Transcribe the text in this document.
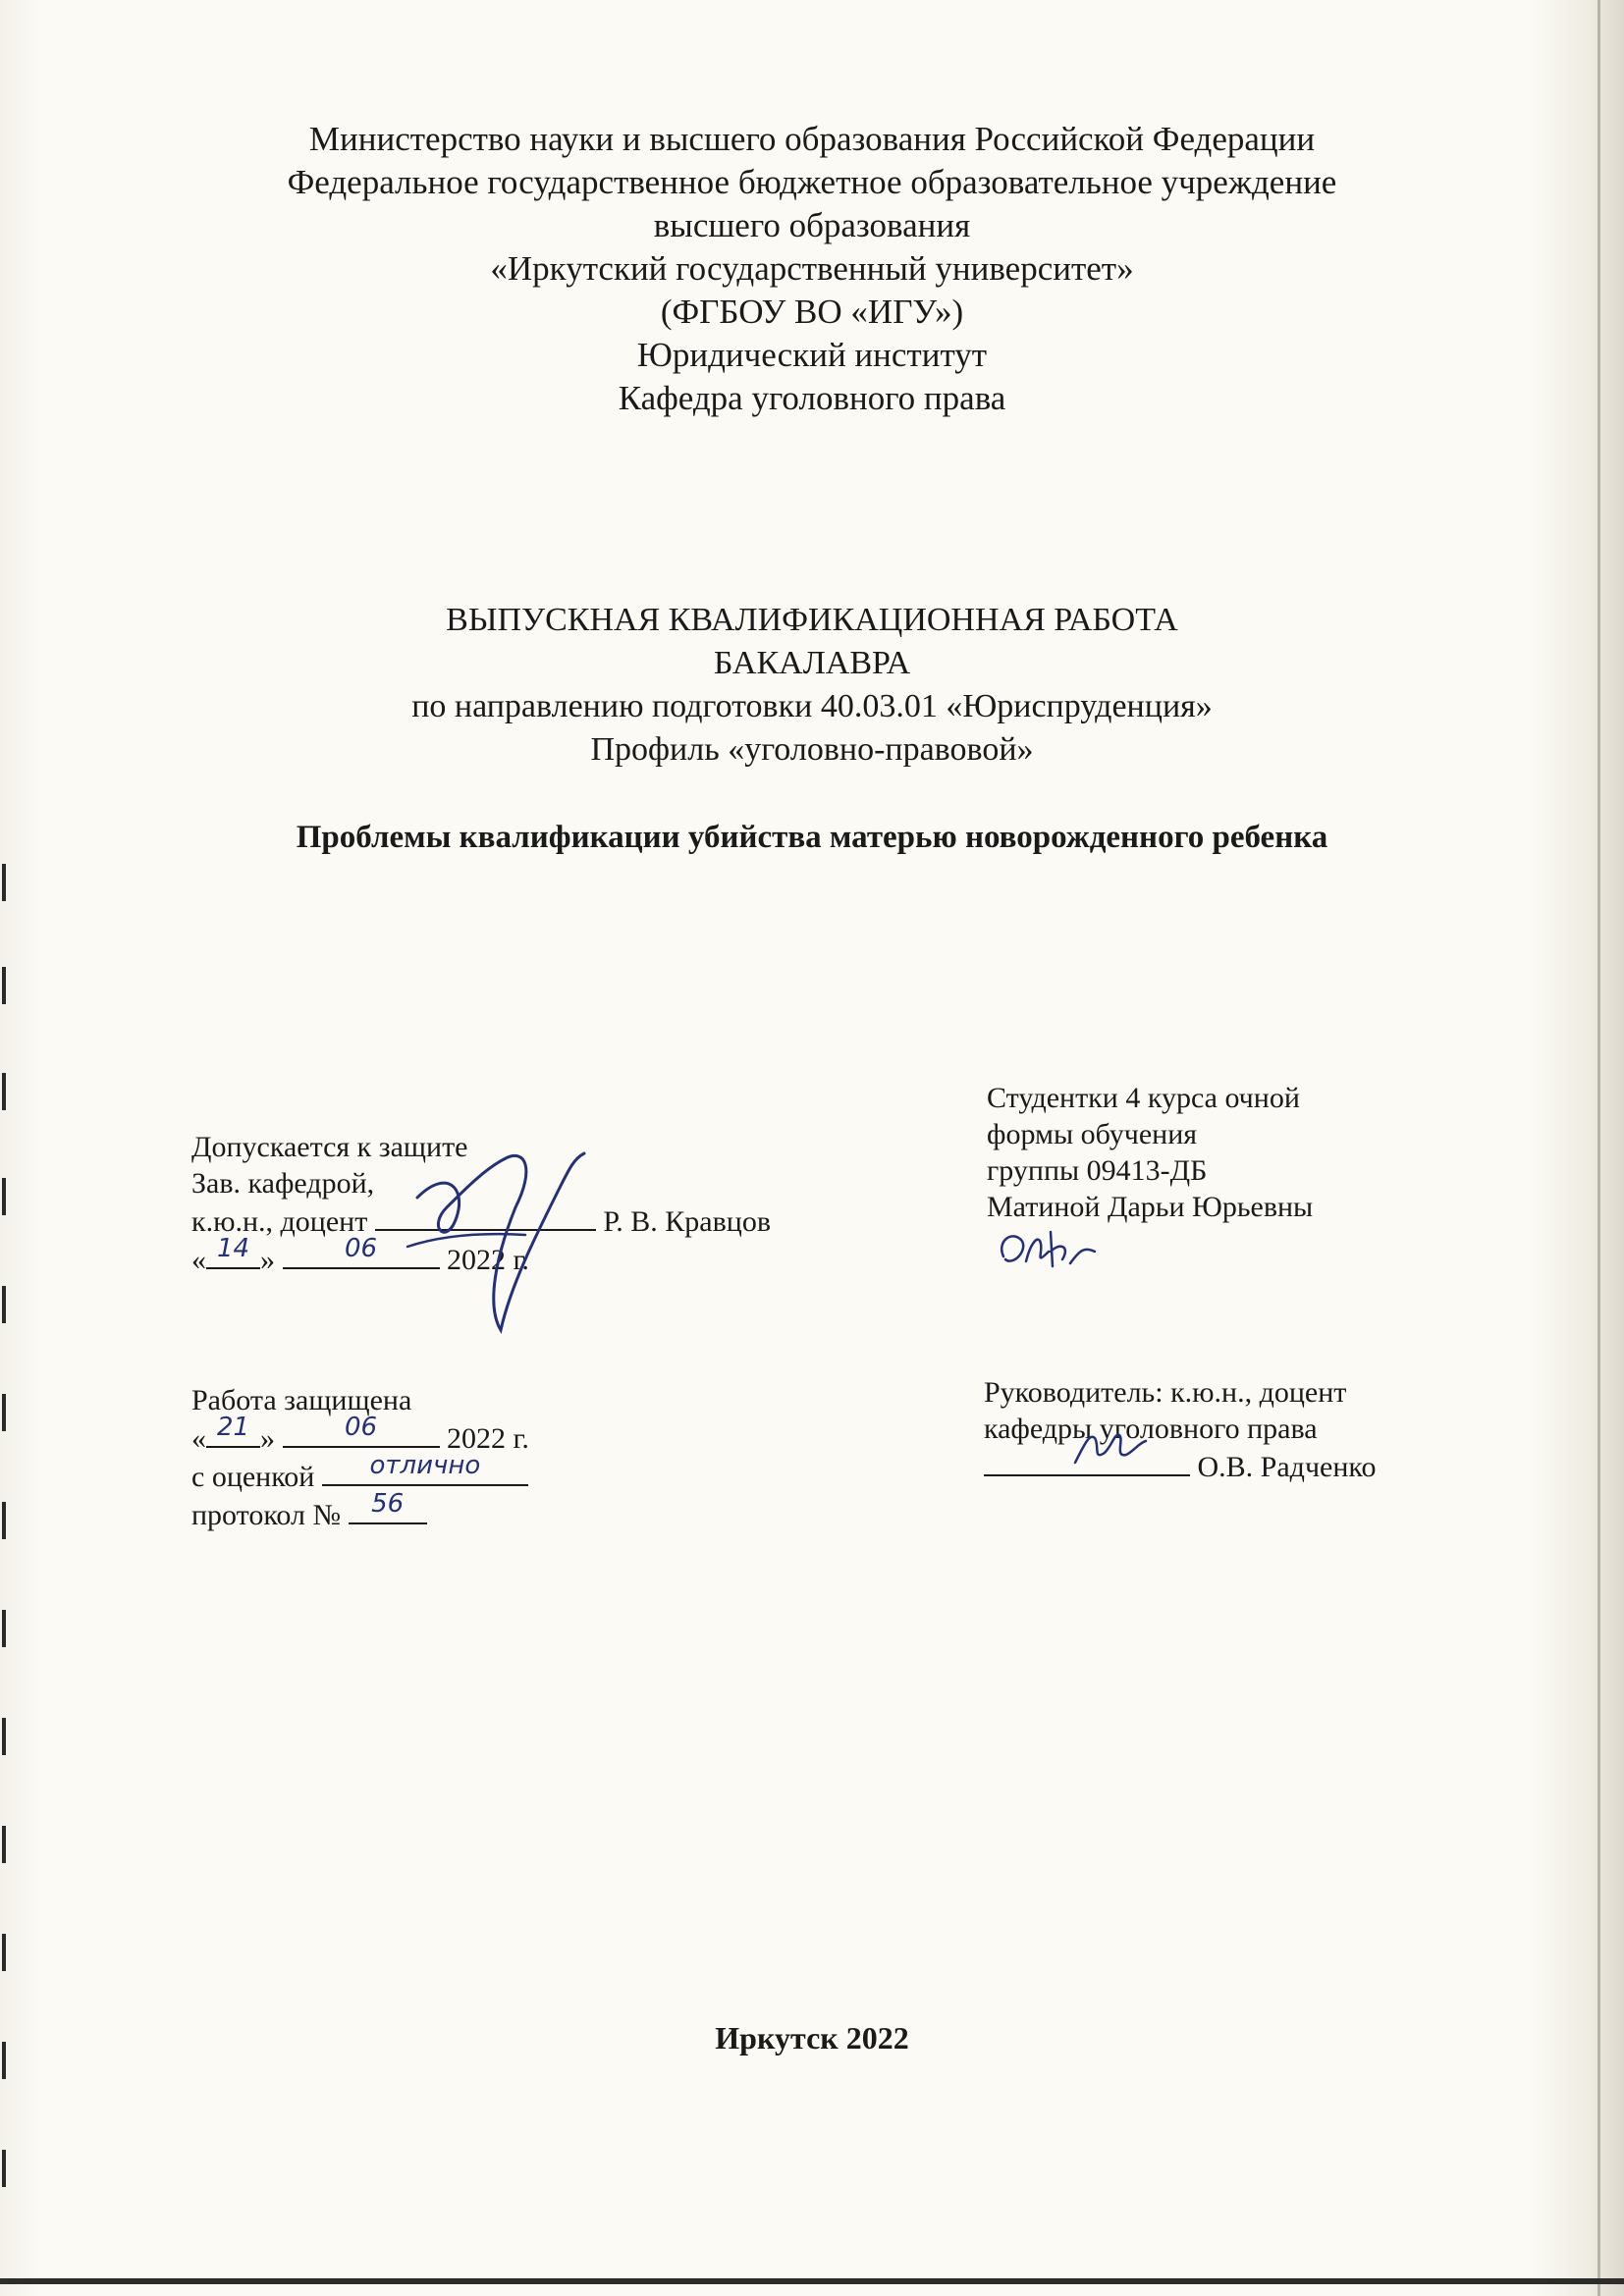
Министерство науки и высшего образования Российской Федерации
Федеральное государственное бюджетное образовательное учреждение
высшего образования
«Иркутский государственный университет»
(ФГБОУ ВО «ИГУ»)
Юридический институт
Кафедра уголовного права
ВЫПУСКНАЯ КВАЛИФИКАЦИОННАЯ РАБОТА
БАКАЛАВРА
по направлению подготовки 40.03.01 «Юриспруденция»
Профиль «уголовно-правовой»
Проблемы квалификации убийства матерью новорожденного ребенка
Допускается к защите
Зав. кафедрой,
к.ю.н., доцент	Р. В. Кравцов
« 14 »	06	2022 г.
Студентки 4 курса очной
формы обучения
группы 09413-ДБ
Матиной Дарьи Юрьевны
Работа защищена
« 21 »	06	2022 г.
с оценкой	отлично
протокол №	56
Руководитель: к.ю.н., доцент
кафедры уголовного права
О.В. Радченко
Иркутск 2022
